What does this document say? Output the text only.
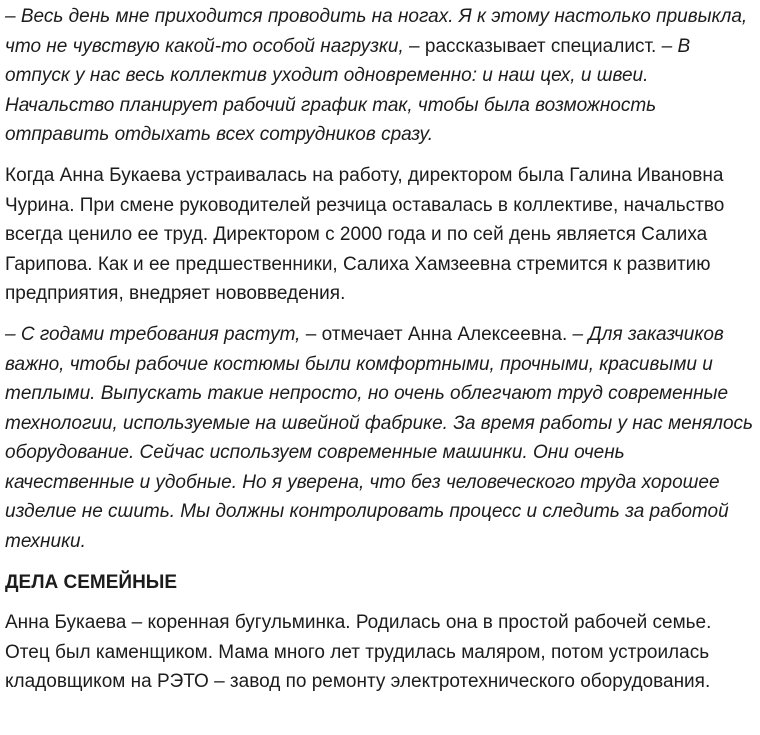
– Весь день мне приходится проводить на ногах. Я к этому настолько привыкла, что не чувствую какой-то особой нагрузки, – рассказывает специалист. – В отпуск у нас весь коллектив уходит одновременно: и наш цех, и швеи. Начальство планирует рабочий график так, чтобы была возможность отправить отдыхать всех сотрудников сразу.

Когда Анна Букаева устраивалась на работу, директором была Галина Ивановна Чурина. При смене руководителей резчица оставалась в коллективе, начальство всегда ценило ее труд. Директором с 2000 года и по сей день является Салиха Гарипова. Как и ее предшественники, Салиха Хамзеевна стремится к развитию предприятия, внедряет нововведения.

– С годами требования растут, – отмечает Анна Алексеевна. – Для заказчиков важно, чтобы рабочие костюмы были комфортными, прочными, красивыми и теплыми. Выпускать такие непросто, но очень облегчают труд современные технологии, используемые на швейной фабрике. За время работы у нас менялось оборудование. Сейчас используем современные машинки. Они очень качественные и удобные. Но я уверена, что без человеческого труда хорошее изделие не сшить. Мы должны контролировать процесс и следить за работой техники.

ДЕЛА СЕМЕЙНЫЕ

Анна Букаева – коренная бугульминка. Родилась она в простой рабочей семье. Отец был каменщиком. Мама много лет трудилась маляром, потом устроилась кладовщиком на РЭТО – завод по ремонту электротехнического оборудования.
